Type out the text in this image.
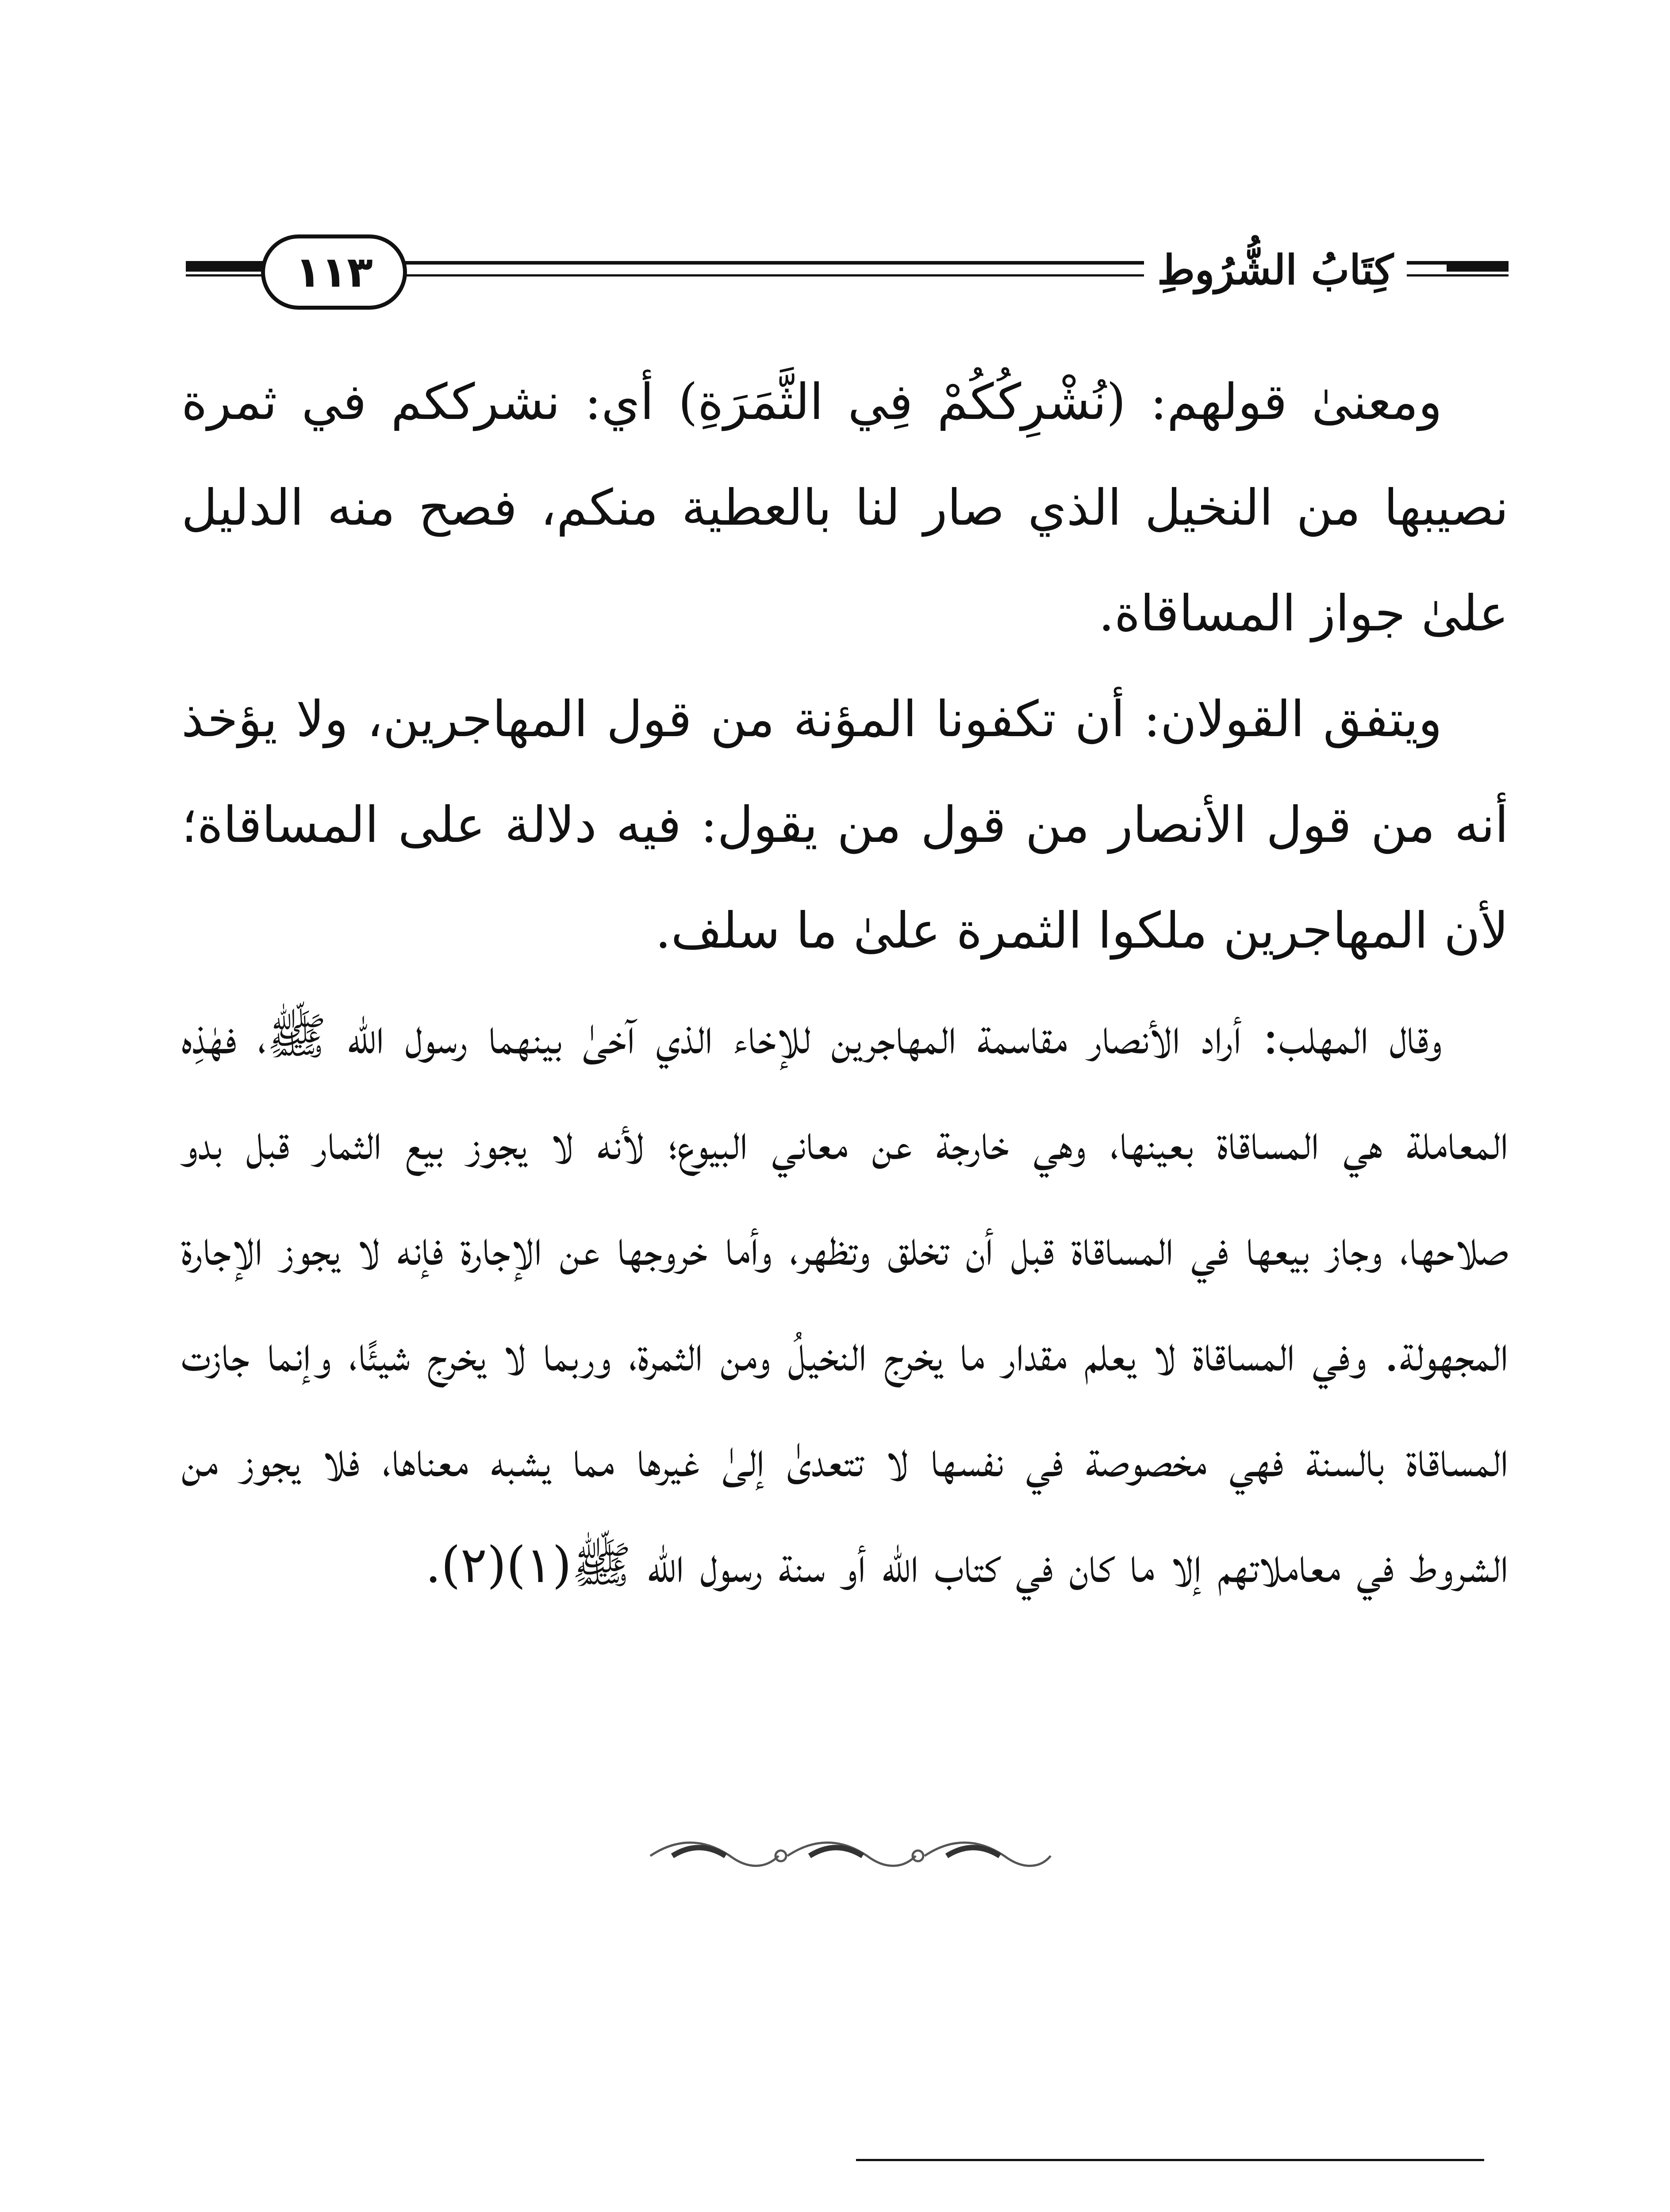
كِتَابُ الشُّرُوطِ
١١٣

ومعنىٰ قولهم: (نُشْرِكُكُمْ فِي الثَّمَرَةِ) أي: نشرككم في ثمرة نصيبها من النخيل الذي صار لنا بالعطية منكم، فصح منه الدليل علىٰ جواز المساقاة.

ويتفق القولان: أن تكفونا المؤنة من قول المهاجرين، ولا يؤخذ أنه من قول الأنصار من قول من يقول: فيه دلالة على المساقاة؛ لأن المهاجرين ملكوا الثمرة علىٰ ما سلف.

وقال المهلب: أراد الأنصار مقاسمة المهاجرين للإخاء الذي آخىٰ بينهما رسول الله ﷺ، فهٰذِه المعاملة هي المساقاة بعينها، وهي خارجة عن معاني البيوع؛ لأنه لا يجوز بيع الثمار قبل بدو صلاحها، وجاز بيعها في المساقاة قبل أن تخلق وتظهر، وأما خروجها عن الإجارة فإنه لا يجوز الإجارة المجهولة. وفي المساقاة لا يعلم مقدار ما يخرج النخيلُ ومن الثمرة، وربما لا يخرج شيئًا، وإنما جازت المساقاة بالسنة فهي مخصوصة في نفسها لا تتعدىٰ إلىٰ غيرها مما يشبه معناها، فلا يجوز من الشروط في معاملاتهم إلا ما كان في كتاب الله أو سنة رسول الله ﷺ(١)(٢).
